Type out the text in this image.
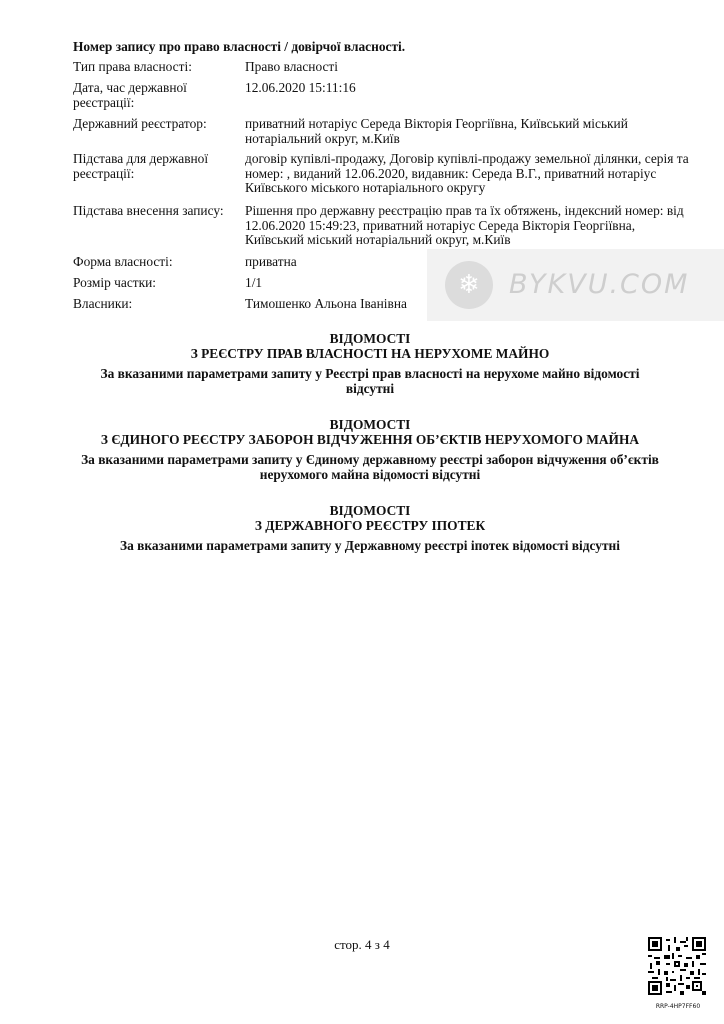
Номер запису про право власності / довірчої власності.
Тип права власності:	Право власності
Дата, час державної реєстрації:
12.06.2020 15:11:16
Державний реєстратор:	приватний нотаріус Середа Вікторія Георгіївна, Київський міський нотаріальний округ, м.Київ
Підстава для державної реєстрації:
договір купівлі-продажу, Договір купівлі-продажу земельної ділянки, серія та номер: , виданий 12.06.2020, видавник: Середа В.Г., приватний нотаріус Київського міського нотаріального округу
Підстава внесення запису:	Рішення про державну реєстрацію прав та їх обтяжень, індексний номер: від 12.06.2020 15:49:23, приватний нотаріус Середа Вікторія Георгіївна, Київський міський нотаріальний округ, м.Київ
Форма власності:	приватна
Розмір частки:	1/1
Власники:	Тимошенко Альона Іванівна
ВІДОМОСТІ
З РЕЄСТРУ ПРАВ ВЛАСНОСТІ НА НЕРУХОМЕ МАЙНО
За вказаними параметрами запиту у Реєстрі прав власності на нерухоме майно відомості відсутні
ВІДОМОСТІ
З ЄДИНОГО РЕЄСТРУ ЗАБОРОН ВІДЧУЖЕННЯ ОБ’ЄКТІВ НЕРУХОМОГО МАЙНА
За вказаними параметрами запиту у Єдиному державному реєстрі заборон відчуження об’єктів нерухомого майна відомості відсутні
ВІДОМОСТІ
З ДЕРЖАВНОГО РЕЄСТРУ ІПОТЕК
За вказаними параметрами запиту у Державному реєстрі іпотек відомості відсутні
❄	BYKVU.COM
стор. 4 з 4
RRP-4HP7FF60
